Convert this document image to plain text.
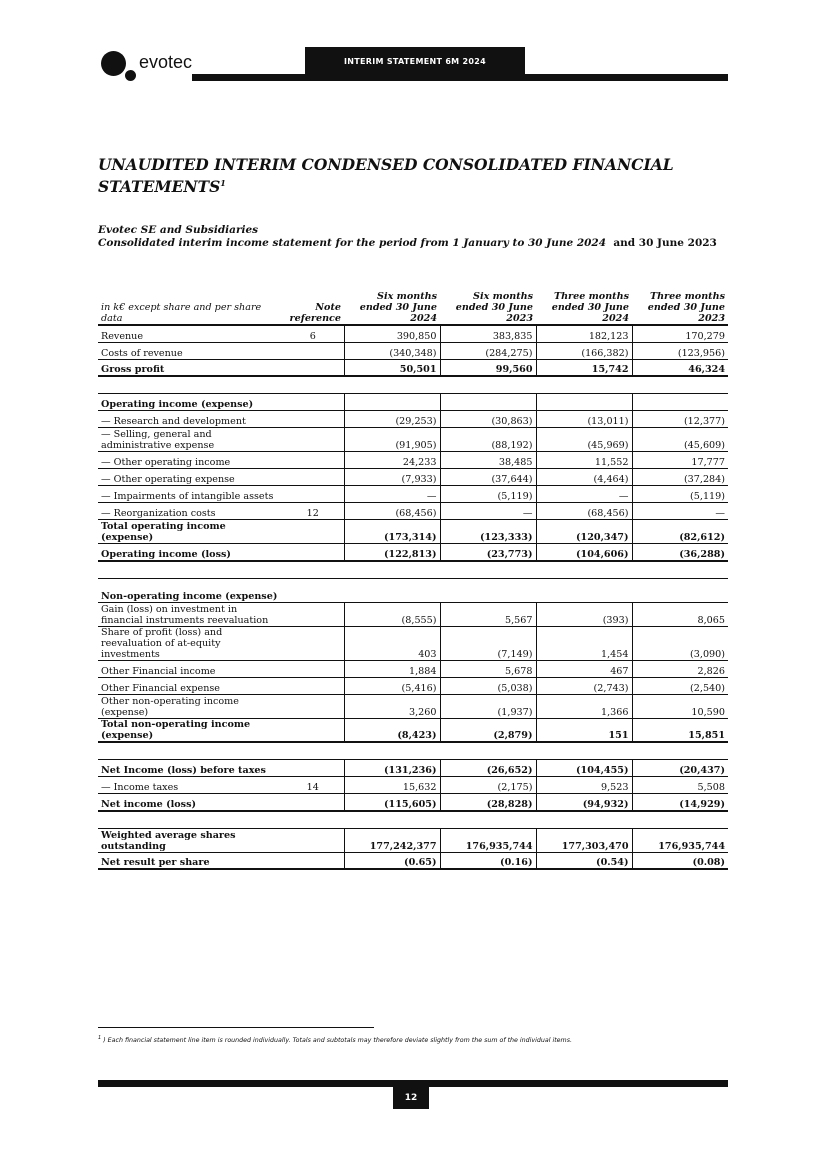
evotec	INTERIM STATEMENT 6M 2024
UNAUDITED INTERIM CONDENSED CONSOLIDATED FINANCIAL STATEMENTS$^1$
Evotec SE and Subsidiaries
Consolidated interim income statement for the period from 1 January to 30 June 2024 and 30 June 2023
in k€ except share and per share data	Note reference	Six months ended 30 June 2024	Six months ended 30 June 2023	Three months ended 30 June 2024	Three months ended 30 June 2023
Revenue	6	390,850	383,835	182,123	170,279
Costs of revenue		(340,348)	(284,275)	(166,382)	(123,956)
Gross profit		50,501	99,560	15,742	46,324

Operating income (expense)					
— Research and development		(29,253)	(30,863)	(13,011)	(12,377)
— Selling, general and administrative expense		(91,905)	(88,192)	(45,969)	(45,609)
— Other operating income		24,233	38,485	11,552	17,777
— Other operating expense		(7,933)	(37,644)	(4,464)	(37,284)
— Impairments of intangible assets		—	(5,119)	—	(5,119)
— Reorganization costs	12	(68,456)	—	(68,456)	—
Total operating income (expense)		(173,314)	(123,333)	(120,347)	(82,612)
Operating income (loss)		(122,813)	(23,773)	(104,606)	(36,288)

Non-operating income (expense)					
Gain (loss) on investment in financial instruments reevaluation		(8,555)	5,567	(393)	8,065
Share of profit (loss) and reevaluation of at-equity investments		403	(7,149)	1,454	(3,090)
Other Financial income		1,884	5,678	467	2,826
Other Financial expense		(5,416)	(5,038)	(2,743)	(2,540)
Other non-operating income (expense)		3,260	(1,937)	1,366	10,590
Total non-operating income (expense)		(8,423)	(2,879)	151	15,851

Net Income (loss) before taxes		(131,236)	(26,652)	(104,455)	(20,437)
— Income taxes	14	15,632	(2,175)	9,523	5,508
Net income (loss)		(115,605)	(28,828)	(94,932)	(14,929)

Weighted average shares outstanding		177,242,377	176,935,744	177,303,470	176,935,744
Net result per share		(0.65)	(0.16)	(0.54)	(0.08)
$^1$ ) Each financial statement line item is rounded individually. Totals and subtotals may therefore deviate slightly from the sum of the individual items.
12
